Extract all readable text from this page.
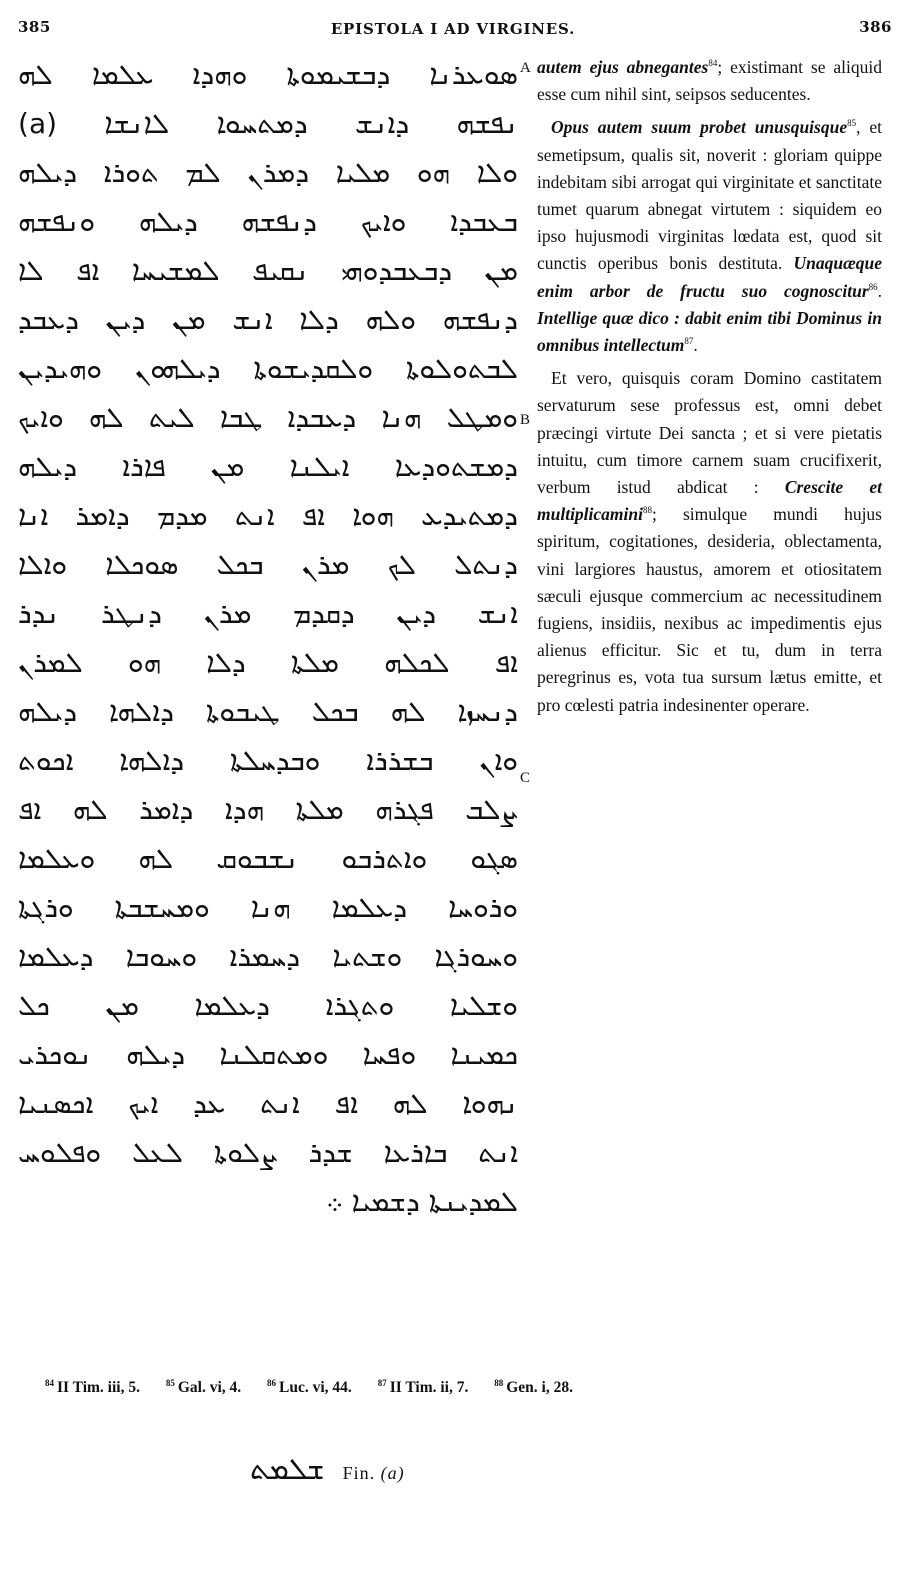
385	EPISTOLA I AD VIRGINES.	386
ܣܘܥܪܢܐ ܕܒܫܝܡܘܬܐ ܘܗܕܐ ܥܠܡܐ ܠܗ
ܢܦܫܗ ܕܐܢܫ ܕܡܬܚܘܐ ܠܐܢܫܐ (a)
ܘܠܐ ܗܘ ܡܠܝܐ ܕܡܪܢ ܠܡ ܬܘܪܐ ܕܝܠܗ
ܒܥܒܕܐ ܘܐܝܟ ܕܢܦܫܗ ܕܝܠܗ ܘܢܦܫܗ
ܡܢ ܕܒܥܒܕܘܗܝ ܢܩܝܦ ܠܡܫܝܚܐ ܐܦ ܠܐ
ܕܢܦܫܗ ܘܠܗ ܕܠܐ ܐܢܫ ܡܢ ܕܝܢ ܕܥܒܕ
ܠܒܬܘܠܘܬܐ ܘܠܩܕܝܫܘܬܐ ܕܝܠܗܘܢ ܘܗܝܕܝܢ
ܘܡܛܠ ܗܢܐ ܕܥܒܕܐ ܛܒܐ ܠܝܬ ܠܗ ܘܐܝܟ
ܕܡܫܬܘܕܥܐ ܐܝܠܢܐ ܡܢ ܦܐܪܐ ܕܝܠܗ
ܕܡܬܝܕܥ ܗܘܐ ܐܦ ܐܢܬ ܡܕܡ ܕܐܡܪ ܐܢܐ
ܕܢܬܠ ܠܟ ܡܪܢ ܒܟܠ ܣܘܟܠܐ ܘܐܠܐ
ܐܢܫ ܕܝܢ ܕܩܕܡ ܡܪܢ ܕܢܛܪ ܢܕܪ
ܐܦ ܠܟܠܗ ܡܠܬܐ ܕܠܐ ܗܘ ܠܡܪܢ
ܕܢܚܙܐ ܠܗ ܒܟܠ ܛܝܒܘܬܐ ܕܐܠܗܐ ܕܝܠܗ
ܘܐܢ ܒܫܪܪܐ ܘܒܕܚܠܬܐ ܕܐܠܗܐ ܐܟܘܬ
ܨܠܒ ܦܓܪܗ ܡܠܬܐ ܗܕܐ ܕܐܡܪ ܠܗ ܐܦ
ܣܓܘ ܘܐܬܪܒܘ ܢܫܒܘܩ ܠܗ ܘܥܠܡܐ
ܘܪܘܚܐ ܕܥܠܡܐ ܗܢܐ ܘܡܚܫܒܬܐ ܘܪܓܬܐ
ܘܚܘܪܓܐ ܘܫܬܝܐ ܕܚܡܪܐ ܘܚܘܒܐ ܕܥܠܡܐ
ܘܫܠܝܐ ܘܬܓܪܐ ܕܥܠܡܐ ܡܢ ܟܠ
ܟܡܝܢܐ ܘܦܚܐ ܘܡܬܩܠܢܐ ܕܝܠܗ ܢܘܟܪܝ
ܢܗܘܐ ܠܗ ܐܦ ܐܢܬ ܥܕ ܐܝܟ ܐܟܣܢܝܐ
ܐܢܬ ܒܐܪܥܐ ܫܕܪ ܨܠܘܬܐ ܠܥܠ ܘܦܠܘܚ
ܠܡܕܝܢܬܐ ܕܫܡܝܐ ܀
A
B
C

autem ejus abnegantes$^{84}$; existimant se aliquid esse cum nihil sint, seipsos seducentes.

Opus autem suum probet unusquisque$^{85}$, et semetipsum, qualis sit, noverit : gloriam quippe indebitam sibi arrogat qui virginitate et sanctitate tumet quarum abnegat virtutem : siquidem eo ipso hujusmodi virginitas lœdata est, quod sit cunctis operibus bonis destituta. Unaquæque enim arbor de fructu suo cognoscitur$^{86}$. Intellige quæ dico : dabit enim tibi Dominus in omnibus intellectum$^{87}$.

Et vero, quisquis coram Domino castitatem servaturum sese professus est, omni debet præcingi virtute Dei sancta ; et si vere pietatis intuitu, cum timore carnem suam crucifixerit, verbum istud abdicat : Crescite et multiplicamini$^{88}$; simulque mundi hujus spiritum, cogitationes, desideria, oblectamenta, vini largiores haustus, amorem et otiositatem sæculi ejusque commercium ac necessitudinem fugiens, insidiis, nexibus ac impedimentis ejus alienus efficitur. Sic et tu, dum in terra peregrinus es, vota tua sursum lætus emitte, et pro cœlesti patria indesinenter operare.

$^{84}$ II Tim. iii, 5.	$^{85}$ Gal. vi, 4.	$^{86}$ Luc. vi, 44.	$^{87}$ II Tim. ii, 7.	$^{88}$ Gen. i, 28.
ܫܠܡܬ Fin. (a)
